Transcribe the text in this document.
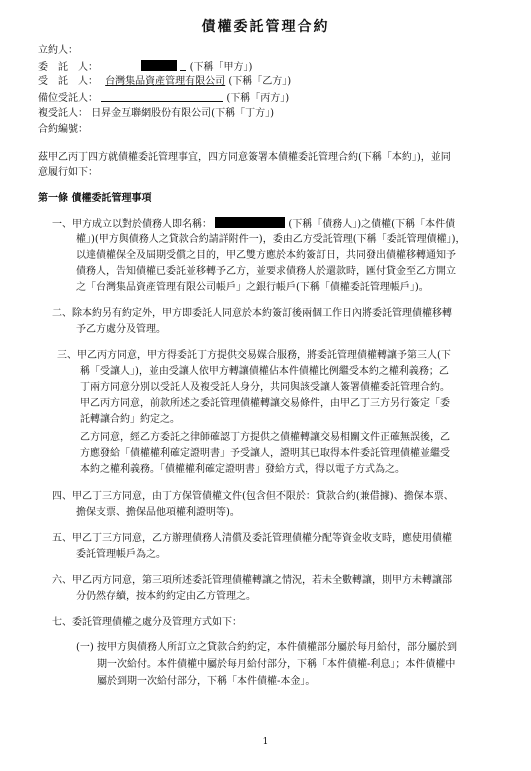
債權委託管理合約
立約人：
委　託　人：	(下稱「甲方」)
受　託　人： 台灣集品資產管理有限公司 (下稱「乙方」)
備位受託人：	(下稱「丙方」)
複受託人： 日昇金互聯網股份有限公司(下稱「丁方」)
合約編號：
茲甲乙丙丁四方就債權委託管理事宜，四方同意簽署本債權委託管理合約(下稱「本約」)，並同
意履行如下：
第一條 債權委託管理事項
一、甲方成立以對於債務人即名稱：	(下稱「債務人」)之債權(下稱「本件債
權」)(甲方與債務人之貸款合約請詳附件一)，委由乙方受託管理(下稱「委託管理債權」)，
以達債權保全及屆期受償之目的，甲乙雙方應於本約簽訂日，共同發出債權移轉通知予
債務人，告知債權已委託並移轉予乙方，並要求債務人於還款時，匯付貸金至乙方開立
之「台灣集品資產管理有限公司帳戶」之銀行帳戶(下稱「債權委託管理帳戶」)。
二、除本約另有約定外，甲方即委託人同意於本約簽訂後兩個工作日內將委託管理債權移轉
予乙方處分及管理。
三、甲乙丙方同意，甲方得委託丁方提供交易媒合服務，將委託管理債權轉讓予第三人(下
稱「受讓人」)，並由受讓人依甲方轉讓債權佔本件債權比例繼受本約之權利義務；乙
丁兩方同意分別以受託人及複受託人身分，共同與該受讓人簽署債權委託管理合約。
甲乙丙方同意，前款所述之委託管理債權轉讓交易條件，由甲乙丁三方另行簽定「委
託轉讓合約」約定之。
乙方同意，經乙方委託之律師確認丁方提供之債權轉讓交易相關文件正確無誤後，乙
方應發給「債權權利確定證明書」予受讓人，證明其已取得本件委託管理債權並繼受
本約之權利義務。「債權權利確定證明書」發給方式，得以電子方式為之。
四、甲乙丁三方同意，由丁方保管債權文件(包含但不限於：貸款合約(兼借據)、擔保本票、
擔保支票、擔保品他項權利證明等)。
五、甲乙丁三方同意，乙方辦理債務人清償及委託管理債權分配等資金收支時，應使用債權
委託管理帳戶為之。
六、甲乙丙方同意，第三項所述委託管理債權轉讓之情況，若未全數轉讓，則甲方未轉讓部
分仍然存續，按本約約定由乙方管理之。
七、委託管理債權之處分及管理方式如下：
(一) 按甲方與債務人所訂立之貸款合約約定，本件債權部分屬於每月給付，部分屬於到
期一次給付。本件債權中屬於每月給付部分，下稱「本件債權-利息」；本件債權中
屬於到期一次給付部分，下稱「本件債權-本金」。
1
